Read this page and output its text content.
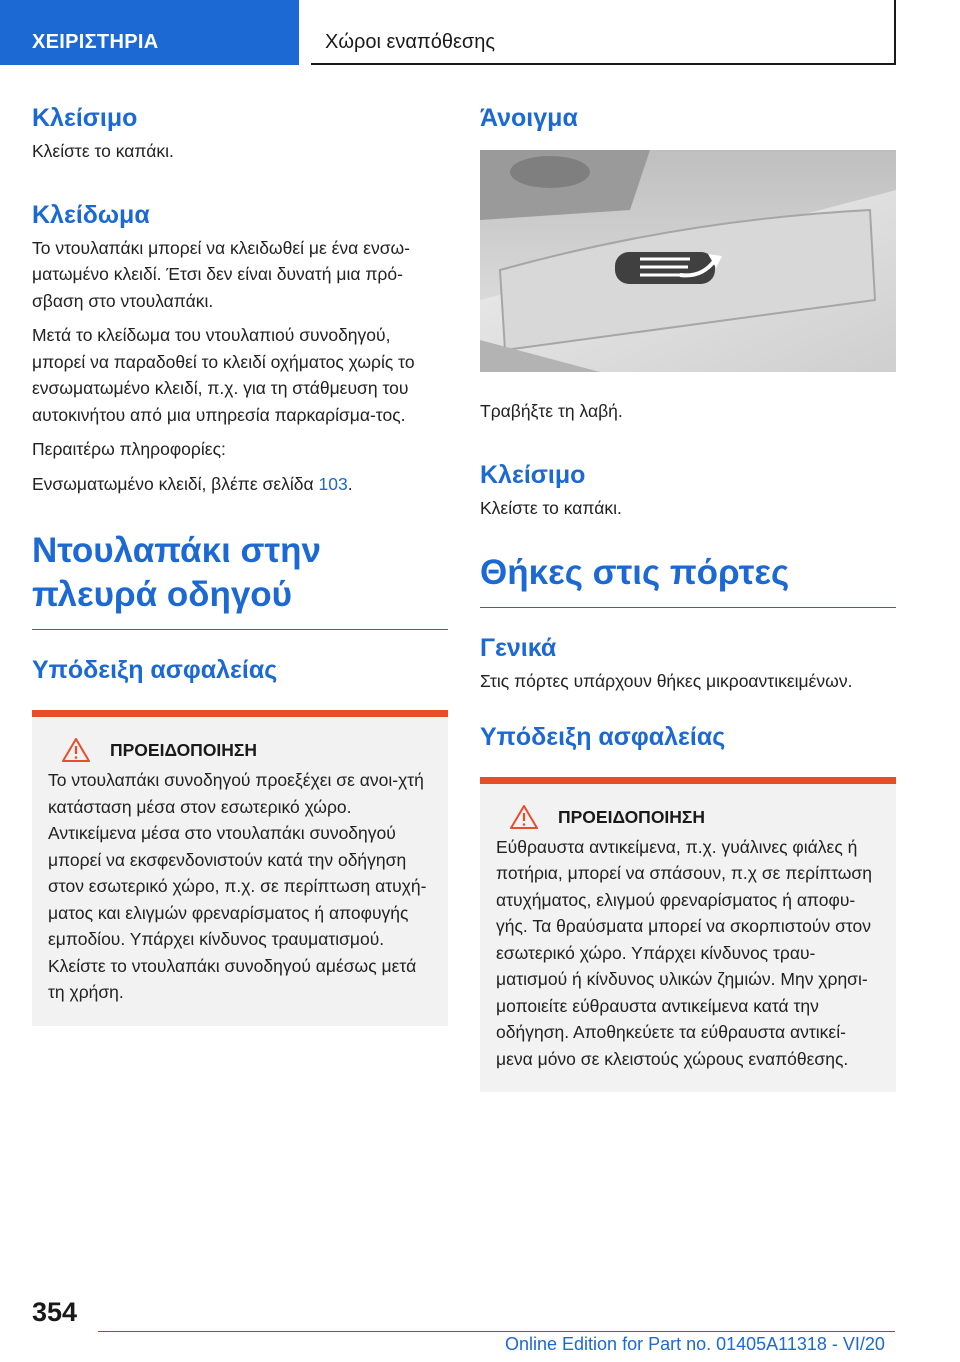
ΧΕΙΡΙΣΤΗΡΙΑ	Χώροι εναπόθεσης
Κλείσιμο

Κλείστε το καπάκι.

Κλείδωμα

Το ντουλαπάκι μπορεί να κλειδωθεί με ένα ενσω-ματωμένο κλειδί. Έτσι δεν είναι δυνατή μια πρό-σβαση στο ντουλαπάκι.

Μετά το κλείδωμα του ντουλαπιού συνοδηγού, μπορεί να παραδοθεί το κλειδί οχήματος χωρίς το ενσωματωμένο κλειδί, π.χ. για τη στάθμευση του αυτοκινήτου από μια υπηρεσία παρκαρίσμα-τος.

Περαιτέρω πληροφορίες:

Ενσωματωμένο κλειδί, βλέπε σελίδα 103.

Ντουλαπάκι στην πλευρά οδηγού
Υπόδειξη ασφαλείας
ΠΡΟΕΙΔΟΠΟΙΗΣΗ

Το ντουλαπάκι συνοδηγού προεξέχει σε ανοι-χτή κατάσταση μέσα στον εσωτερικό χώρο. Αντικείμενα μέσα στο ντουλαπάκι συνοδηγού μπορεί να εκσφενδονιστούν κατά την οδήγηση στον εσωτερικό χώρο, π.χ. σε περίπτωση ατυχή-ματος και ελιγμών φρεναρίσματος ή αποφυγής εμποδίου. Υπάρχει κίνδυνος τραυματισμού. Κλείστε το ντουλαπάκι συνοδηγού αμέσως μετά τη χρήση.

Άνοιγμα

Τραβήξτε τη λαβή.

Κλείσιμο

Κλείστε το καπάκι.

Θήκες στις πόρτες
Γενικά

Στις πόρτες υπάρχουν θήκες μικροαντικειμένων.

Υπόδειξη ασφαλείας
ΠΡΟΕΙΔΟΠΟΙΗΣΗ

Εύθραυστα αντικείμενα, π.χ. γυάλινες φιάλες ή ποτήρια, μπορεί να σπάσουν, π.χ σε περίπτωση ατυχήματος, ελιγμού φρεναρίσματος ή αποφυ-γής. Τα θραύσματα μπορεί να σκορπιστούν στον εσωτερικό χώρο. Υπάρχει κίνδυνος τραυ-ματισμού ή κίνδυνος υλικών ζημιών. Μην χρησι-μοποιείτε εύθραυστα αντικείμενα κατά την οδήγηση. Αποθηκεύετε τα εύθραυστα αντικεί-μενα μόνο σε κλειστούς χώρους εναπόθεσης.

354
Online Edition for Part no. 01405A11318 - VI/20
